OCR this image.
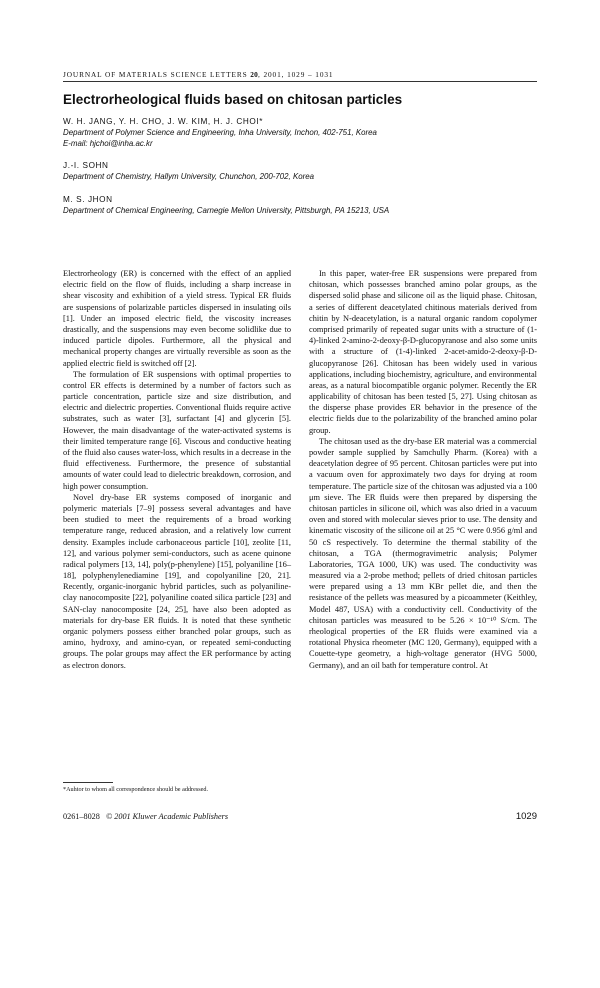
JOURNAL OF MATERIALS SCIENCE LETTERS 20, 2001, 1029 – 1031
Electrorheological fluids based on chitosan particles
W. H. JANG, Y. H. CHO, J. W. KIM, H. J. CHOI*
Department of Polymer Science and Engineering, Inha University, Inchon, 402-751, Korea
E-mail: hjchoi@inha.ac.kr
J.-I. SOHN
Department of Chemistry, Hallym University, Chunchon, 200-702, Korea
M. S. JHON
Department of Chemical Engineering, Carnegie Mellon University, Pittsburgh, PA 15213, USA

Electrorheology (ER) is concerned with the effect of an applied electric field on the flow of fluids, including a sharp increase in shear viscosity and exhibition of a yield stress. Typical ER fluids are suspensions of polarizable particles dispersed in insulating oils [1]. Under an imposed electric field, the viscosity increases drastically, and the suspensions may even become solidlike due to induced particle dipoles. Furthermore, all the physical and mechanical property changes are virtually reversible as soon as the applied electric field is switched off [2].

The formulation of ER suspensions with optimal properties to control ER effects is determined by a number of factors such as particle concentration, particle size and size distribution, and electric and dielectric properties. Conventional fluids require active substrates, such as water [3], surfactant [4] and glycerin [5]. However, the main disadvantage of the water-activated systems is their limited temperature range [6]. Viscous and conductive heating of the fluid also causes water-loss, which results in a decrease in the fluid effectiveness. Furthermore, the presence of substantial amounts of water could lead to dielectric breakdown, corrosion, and high power consumption.

Novel dry-base ER systems composed of inorganic and polymeric materials [7–9] possess several advantages and have been studied to meet the requirements of a broad working temperature range, reduced abrasion, and a relatively low current density. Examples include carbonaceous particle [10], zeolite [11, 12], and various polymer semi-conductors, such as acene quinone radical polymers [13, 14], poly(p-phenylene) [15], polyaniline [16–18], polyphenylenediamine [19], and copolyaniline [20, 21]. Recently, organic-inorganic hybrid particles, such as polyaniline-clay nanocomposite [22], polyaniline coated silica particle [23] and SAN-clay nanocomposite [24, 25], have also been adopted as materials for dry-base ER fluids. It is noted that these synthetic organic polymers possess either branched polar groups, such as amino, hydroxy, and amino-cyan, or repeated semi-conducting groups. The polar groups may affect the ER performance by acting as electron donors.

In this paper, water-free ER suspensions were prepared from chitosan, which possesses branched amino polar groups, as the dispersed solid phase and silicone oil as the liquid phase. Chitosan, a series of different deacetylated chitinous materials derived from chitin by N-deacetylation, is a natural organic random copolymer comprised primarily of repeated sugar units with a structure of (1-4)-linked 2-amino-2-deoxy-β-D-glucopyranose and also some units with a structure of (1-4)-linked 2-acet-amido-2-deoxy-β-D-glucopyranose [26]. Chitosan has been widely used in various applications, including biochemistry, agriculture, and environmental areas, as a natural biocompatible organic polymer. Recently the ER applicability of chitosan has been tested [5, 27]. Using chitosan as the disperse phase provides ER behavior in the presence of the electric fields due to the polarizability of the branched amino polar group.

The chitosan used as the dry-base ER material was a commercial powder sample supplied by Samchully Pharm. (Korea) with a deacetylation degree of 95 percent. Chitosan particles were put into a vacuum oven for approximately two days for drying at room temperature. The particle size of the chitosan was adjusted via a 100 μm sieve. The ER fluids were then prepared by dispersing the chitosan particles in silicone oil, which was also dried in a vacuum oven and stored with molecular sieves prior to use. The density and kinematic viscosity of the silicone oil at 25 °C were 0.956 g/ml and 50 cS respectively. To determine the thermal stability of the chitosan, a TGA (thermogravimetric analysis; Polymer Laboratories, TGA 1000, UK) was used. The conductivity was measured via a 2-probe method; pellets of dried chitosan particles were prepared using a 13 mm KBr pellet die, and then the resistance of the pellets was measured by a picoammeter (Keithley, Model 487, USA) with a conductivity cell. Conductivity of the chitosan particles was measured to be 5.26 × 10⁻¹⁰ S/cm. The rheological properties of the ER fluids were examined via a rotational Physica rheometer (MC 120, Germany), equipped with a Couette-type geometry, a high-voltage generator (HVG 5000, Germany), and an oil bath for temperature control. At

*Auhtor to whom all correspondence should be addressed.
0261–8028 © 2001 Kluwer Academic Publishers	1029
